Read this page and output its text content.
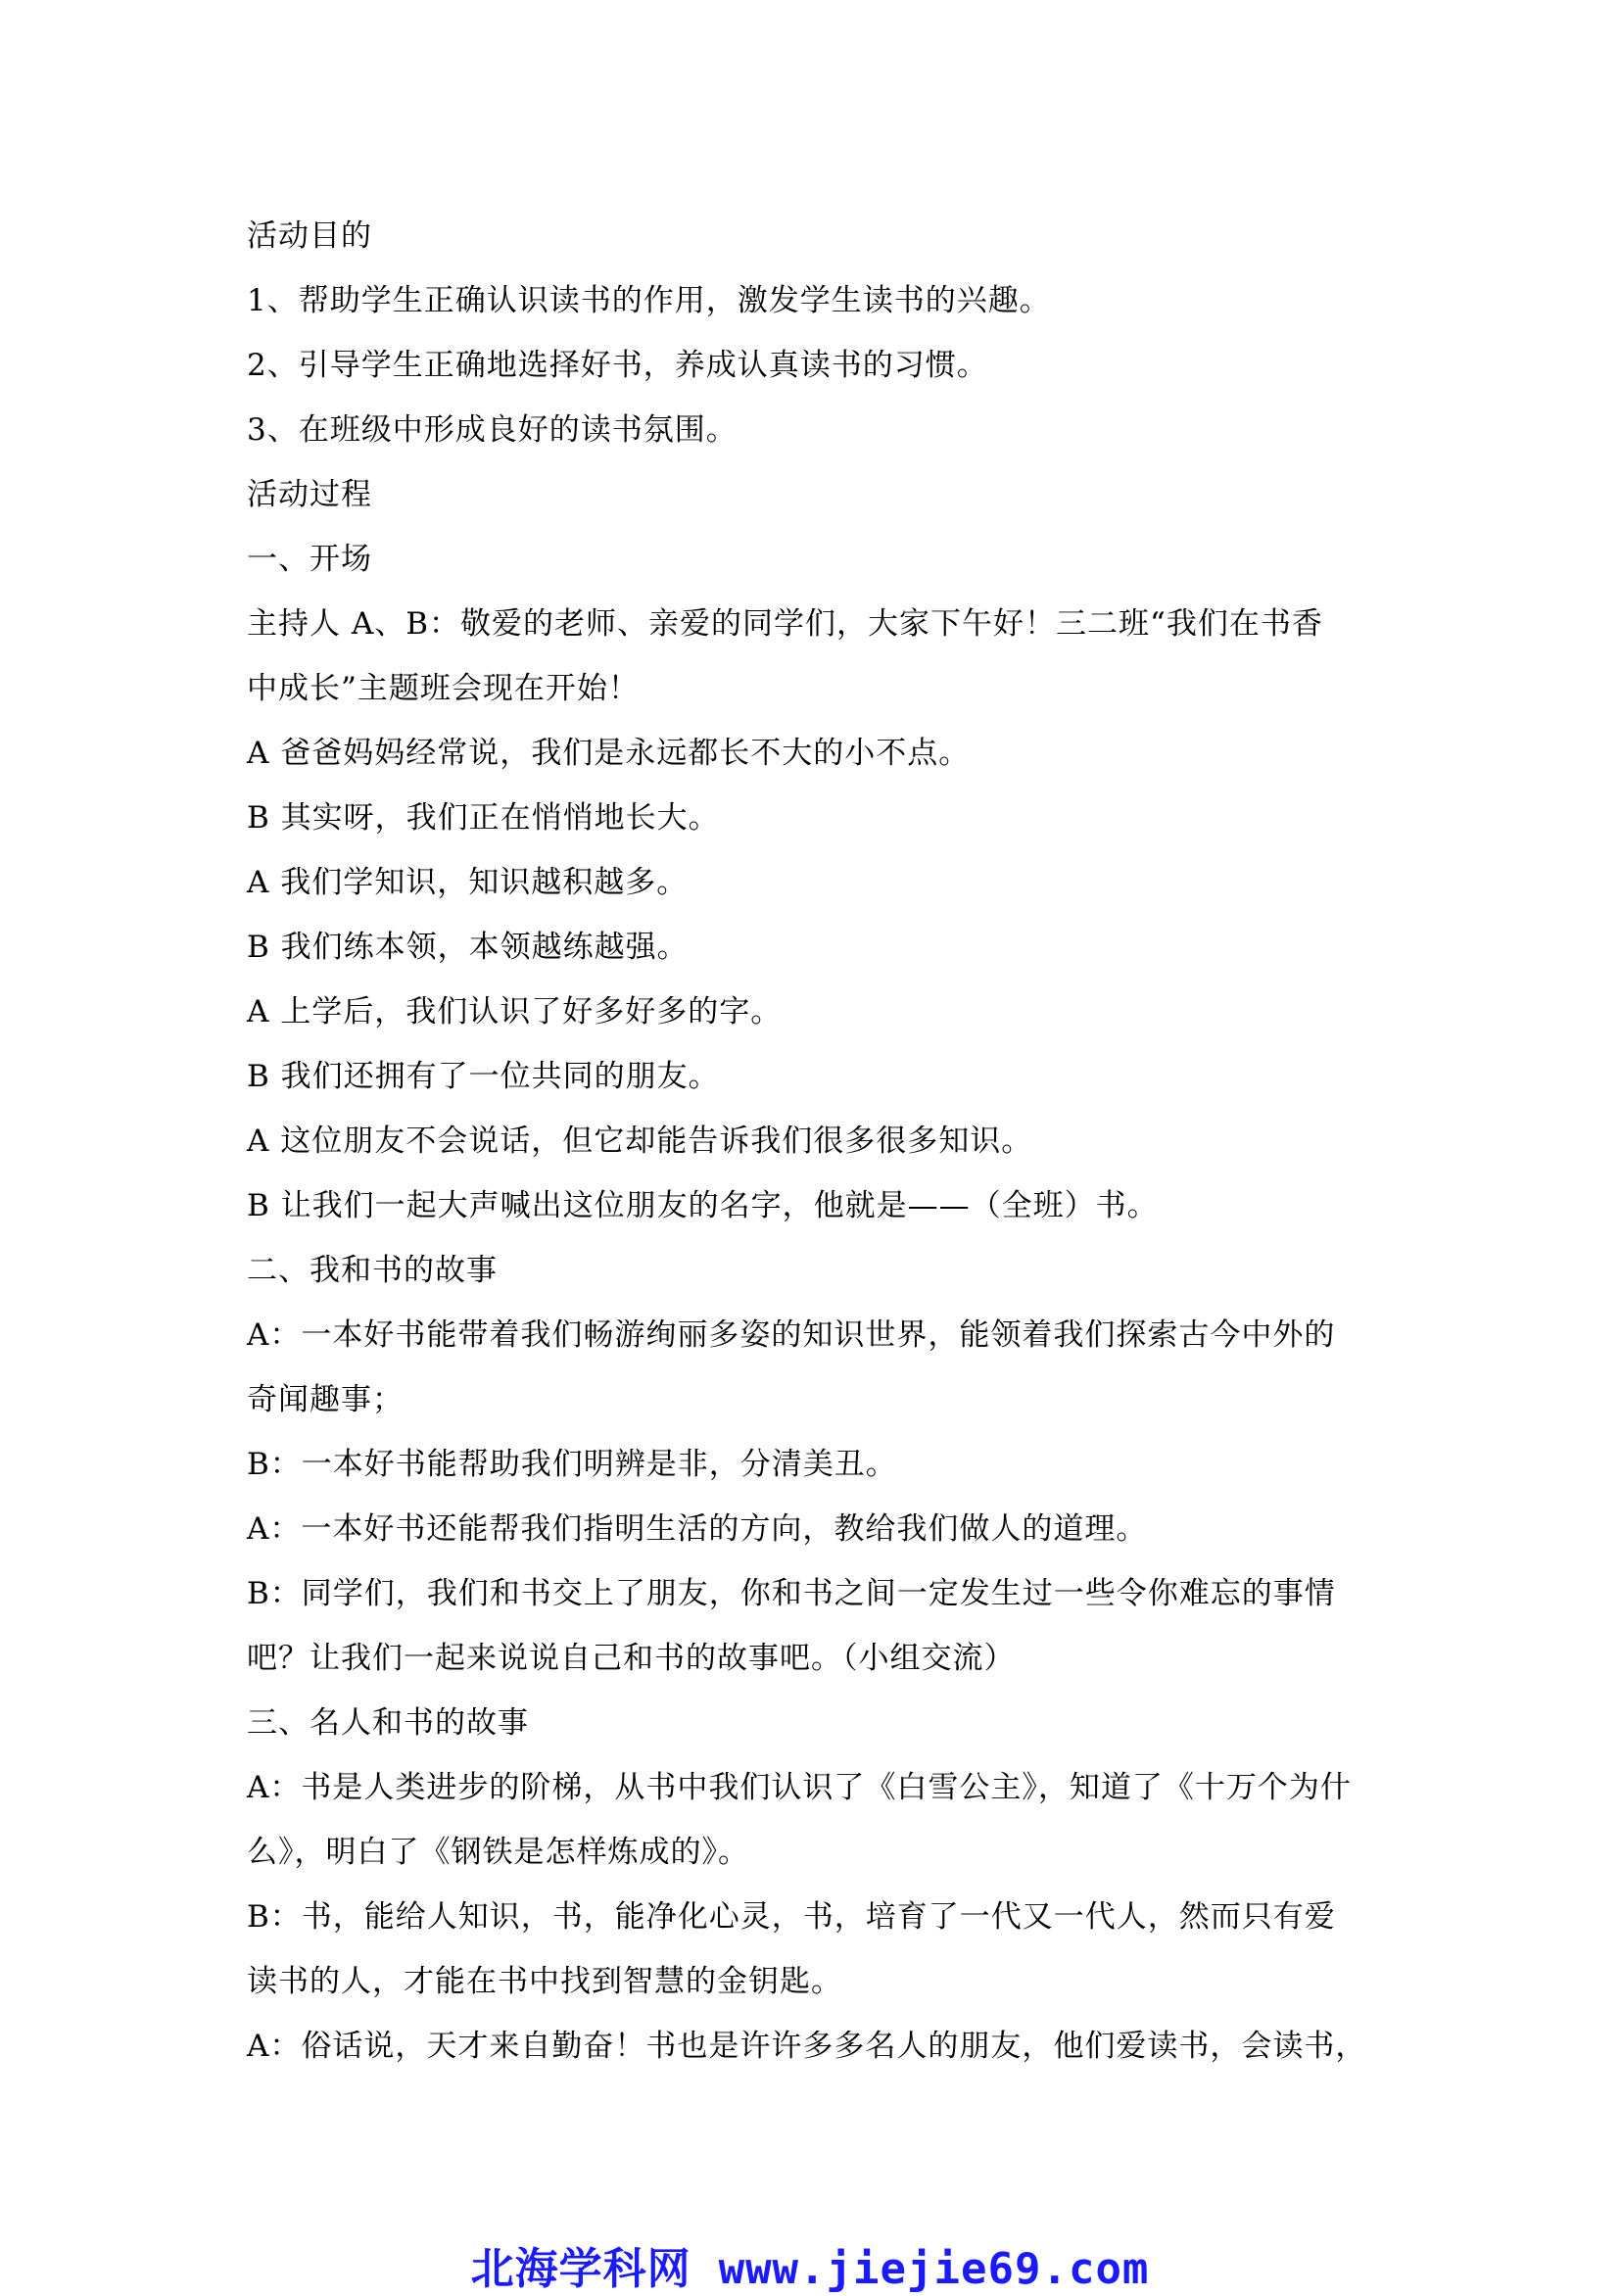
活动目的
1、帮助学生正确认识读书的作用，激发学生读书的兴趣。
2、引导学生正确地选择好书，养成认真读书的习惯。
3、在班级中形成良好的读书氛围。
活动过程
一、开场
主持人 A、B：敬爱的老师、亲爱的同学们，大家下午好！三二班“我们在书香
中成长”主题班会现在开始！
A 爸爸妈妈经常说，我们是永远都长不大的小不点。
B 其实呀，我们正在悄悄地长大。
A 我们学知识，知识越积越多。
B 我们练本领，本领越练越强。
A 上学后，我们认识了好多好多的字。
B 我们还拥有了一位共同的朋友。
A 这位朋友不会说话，但它却能告诉我们很多很多知识。
B 让我们一起大声喊出这位朋友的名字，他就是——（全班）书。
二、我和书的故事
A：一本好书能带着我们畅游绚丽多姿的知识世界，能领着我们探索古今中外的
奇闻趣事；
B：一本好书能帮助我们明辨是非，分清美丑。
A：一本好书还能帮我们指明生活的方向，教给我们做人的道理。
B：同学们，我们和书交上了朋友，你和书之间一定发生过一些令你难忘的事情
吧？让我们一起来说说自己和书的故事吧。（小组交流）
三、名人和书的故事
A：书是人类进步的阶梯，从书中我们认识了《白雪公主》，知道了《十万个为什
么》，明白了《钢铁是怎样炼成的》。
B：书，能给人知识，书，能净化心灵，书，培育了一代又一代人，然而只有爱
读书的人，才能在书中找到智慧的金钥匙。
A：俗话说，天才来自勤奋！书也是许许多多名人的朋友，他们爱读书，会读书，
北海学科网 www.jiejie69.com
